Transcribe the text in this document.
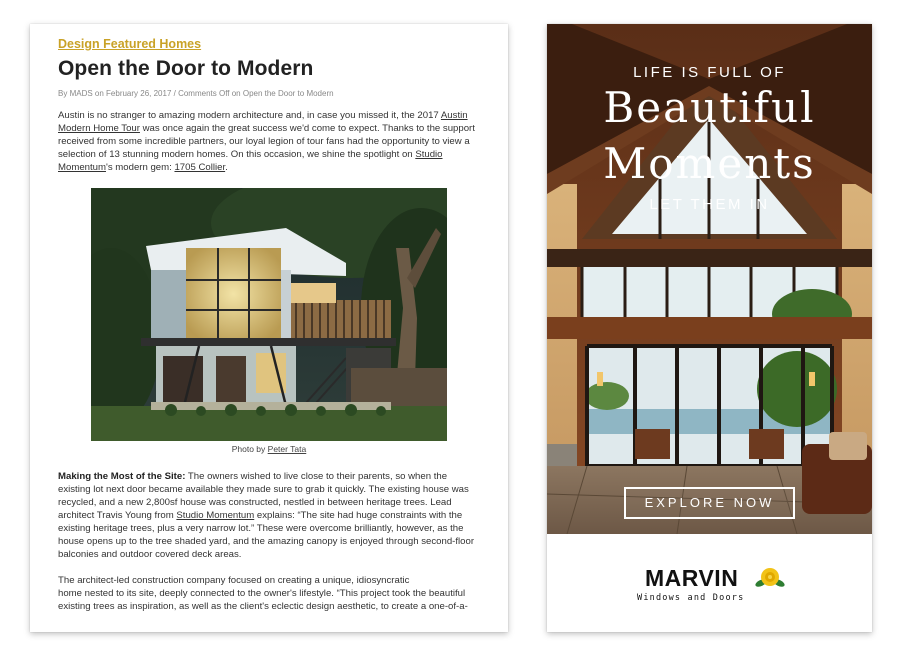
Design Featured Homes
Open the Door to Modern
By MADS on February 26, 2017 / Comments Off on Open the Door to Modern

Austin is no stranger to amazing modern architecture and, in case you missed it, the 2017 Austin Modern Home Tour was once again the great success we'd come to expect. Thanks to the support received from some incredible partners, our loyal legion of tour fans had the opportunity to view a selection of 13 stunning modern homes. On this occasion, we shine the spotlight on Studio Momentum's modern gem: 1705 Collier.

Photo by Peter Tata

Making the Most of the Site: The owners wished to live close to their parents, so when the existing lot next door became available they made sure to grab it quickly. The existing house was recycled, and a new 2,800sf house was constructed, nestled in between heritage trees. Lead architect Travis Young from Studio Momentum explains: “The site had huge constraints with the existing heritage trees, plus a very narrow lot.” These were overcome brilliantly, however, as the house opens up to the tree shaded yard, and the amazing canopy is enjoyed through second-floor balconies and outdoor covered deck areas.

The architect-led construction company focused on creating a unique, idiosyncratic
home nested to its site, deeply connected to the owner's lifestyle. “This project took the beautiful existing trees as inspiration, as well as the client's eclectic design aesthetic, to create a one-of-a-

LIFE IS FULL OF
Beautiful
Moments
LET THEM IN
EXPLORE NOW
MARVIN
Windows and Doors
